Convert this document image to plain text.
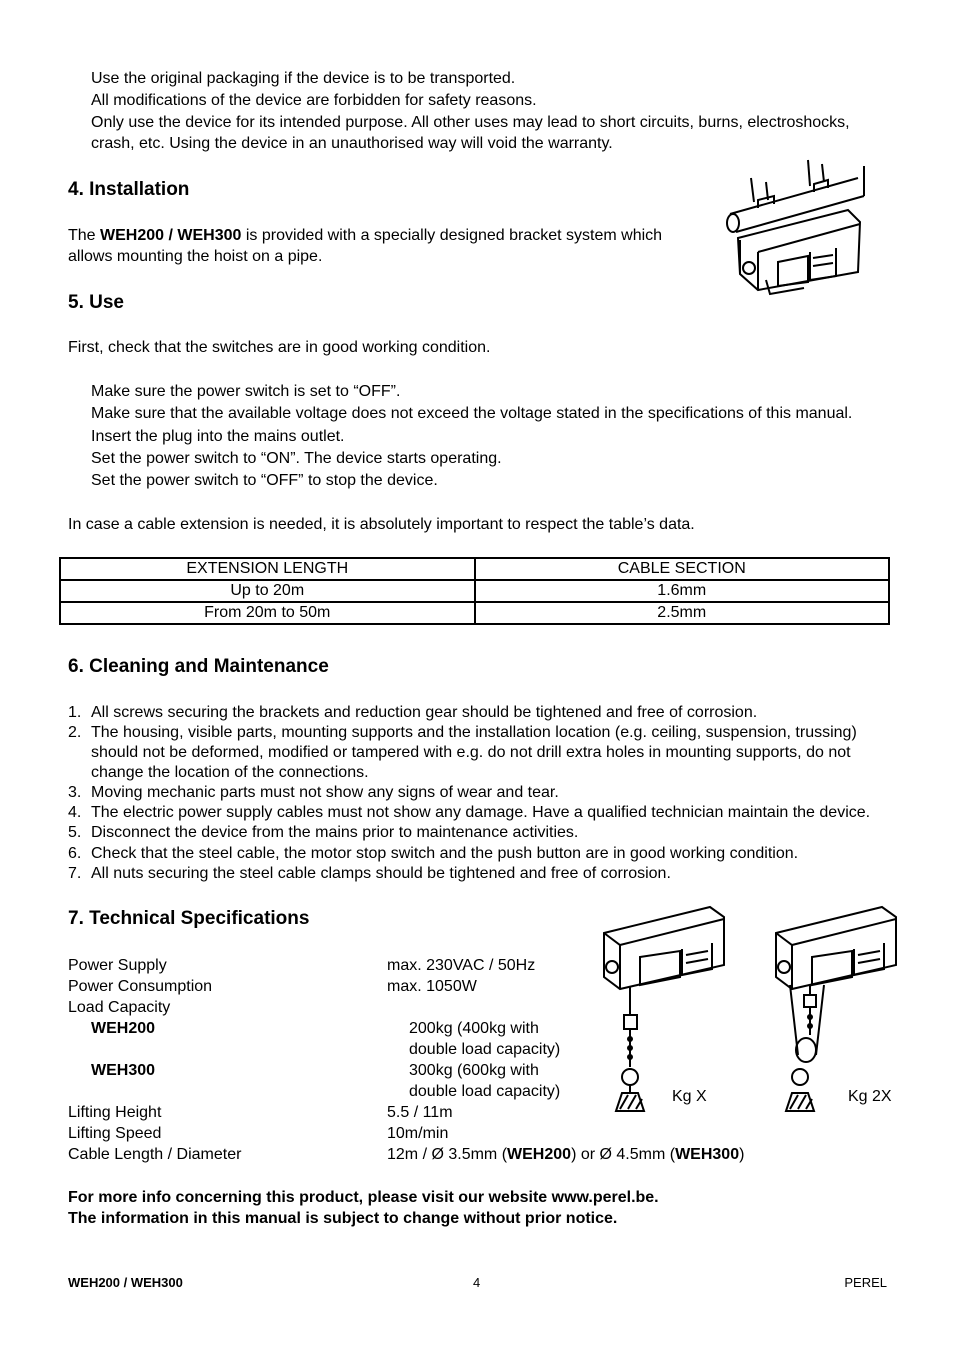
Use the original packaging if the device is to be transported.
All modifications of the device are forbidden for safety reasons.
Only use the device for its intended purpose. All other uses may lead to short circuits, burns, electroshocks,
crash, etc. Using the device in an unauthorised way will void the warranty.
4. Installation
The WEH200 / WEH300 is provided with a specially designed bracket system which
allows mounting the hoist on a pipe.
5. Use
First, check that the switches are in good working condition.
Make sure the power switch is set to “OFF”.
Make sure that the available voltage does not exceed the voltage stated in the specifications of this manual.
Insert the plug into the mains outlet.
Set the power switch to “ON”. The device starts operating.
Set the power switch to “OFF” to stop the device.
In case a cable extension is needed, it is absolutely important to respect the table’s data.
EXTENSION LENGTH	CABLE SECTION
Up to 20m	1.6mm
From 20m to 50m	2.5mm
6. Cleaning and Maintenance
1. All screws securing the brackets and reduction gear should be tightened and free of corrosion.
2. The housing, visible parts, mounting supports and the installation location (e.g. ceiling, suspension, trussing)
should not be deformed, modified or tampered with e.g. do not drill extra holes in mounting supports, do not
change the location of the connections.
3. Moving mechanic parts must not show any signs of wear and tear.
4. The electric power supply cables must not show any damage. Have a qualified technician maintain the device.
5. Disconnect the device from the mains prior to maintenance activities.
6. Check that the steel cable, the motor stop switch and the push button are in good working condition.
7. All nuts securing the steel cable clamps should be tightened and free of corrosion.
7. Technical Specifications
Power Supply	max. 230VAC / 50Hz
Power Consumption	max. 1050W
Load Capacity
WEH200	200kg (400kg with
double load capacity)
WEH300	300kg (600kg with
double load capacity)
Lifting Height	5.5 / 11m
Lifting Speed	10m/min
Cable Length / Diameter	12m / Ø 3.5mm (WEH200) or Ø 4.5mm (WEH300)
Kg X	Kg 2X
For more info concerning this product, please visit our website www.perel.be.
The information in this manual is subject to change without prior notice.
WEH200 / WEH300	4	PEREL
